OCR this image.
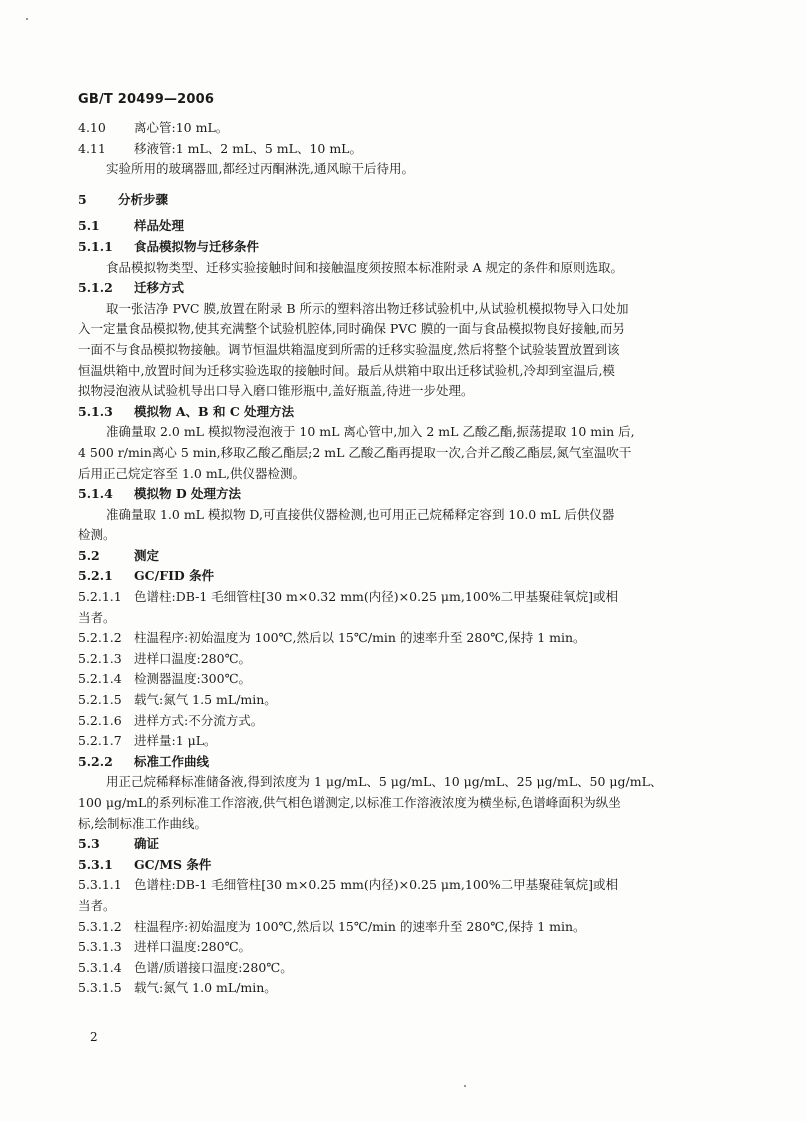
GB/T 20499—2006
4.10 离心管:10 mL。
4.11 移液管:1 mL、2 mL、5 mL、10 mL。
实验所用的玻璃器皿,都经过丙酮淋洗,通风晾干后待用。
5	分析步骤
5.1	样品处理
5.1.1 食品模拟物与迁移条件
食品模拟物类型、迁移实验接触时间和接触温度须按照本标准附录 A 规定的条件和原则选取。
5.1.2 迁移方式
取一张洁净 PVC 膜,放置在附录 B 所示的塑料溶出物迁移试验机中,从试验机模拟物导入口处加
入一定量食品模拟物,使其充满整个试验机腔体,同时确保 PVC 膜的一面与食品模拟物良好接触,而另
一面不与食品模拟物接触。调节恒温烘箱温度到所需的迁移实验温度,然后将整个试验装置放置到该
恒温烘箱中,放置时间为迁移实验选取的接触时间。最后从烘箱中取出迁移试验机,冷却到室温后,模
拟物浸泡液从试验机导出口导入磨口锥形瓶中,盖好瓶盖,待进一步处理。
5.1.3 模拟物 A、B 和 C 处理方法
准确量取 2.0 mL 模拟物浸泡液于 10 mL 离心管中,加入 2 mL 乙酸乙酯,振荡提取 10 min 后,
4 500 r/min离心 5 min,移取乙酸乙酯层;2 mL 乙酸乙酯再提取一次,合并乙酸乙酯层,氮气室温吹干
后用正己烷定容至 1.0 mL,供仪器检测。
5.1.4 模拟物 D 处理方法
准确量取 1.0 mL 模拟物 D,可直接供仪器检测,也可用正己烷稀释定容到 10.0 mL 后供仪器
检测。
5.2	测定
5.2.1 GC/FID 条件
5.2.1.1 色谱柱:DB-1 毛细管柱[30 m×0.32 mm(内径)×0.25 μm,100%二甲基聚硅氧烷]或相
当者。
5.2.1.2 柱温程序:初始温度为 100℃,然后以 15℃/min 的速率升至 280℃,保持 1 min。
5.2.1.3 进样口温度:280℃。
5.2.1.4 检测器温度:300℃。
5.2.1.5 载气:氮气 1.5 mL/min。
5.2.1.6 进样方式:不分流方式。
5.2.1.7 进样量:1 μL。
5.2.2 标准工作曲线
用正己烷稀释标准储备液,得到浓度为 1 μg/mL、5 μg/mL、10 μg/mL、25 μg/mL、50 μg/mL、
100 μg/mL的系列标准工作溶液,供气相色谱测定,以标准工作溶液浓度为横坐标,色谱峰面积为纵坐
标,绘制标准工作曲线。
5.3	确证
5.3.1 GC/MS 条件
5.3.1.1 色谱柱:DB-1 毛细管柱[30 m×0.25 mm(内径)×0.25 μm,100%二甲基聚硅氧烷]或相
当者。
5.3.1.2 柱温程序:初始温度为 100℃,然后以 15℃/min 的速率升至 280℃,保持 1 min。
5.3.1.3 进样口温度:280℃。
5.3.1.4 色谱/质谱接口温度:280℃。
5.3.1.5 载气:氮气 1.0 mL/min。
2
